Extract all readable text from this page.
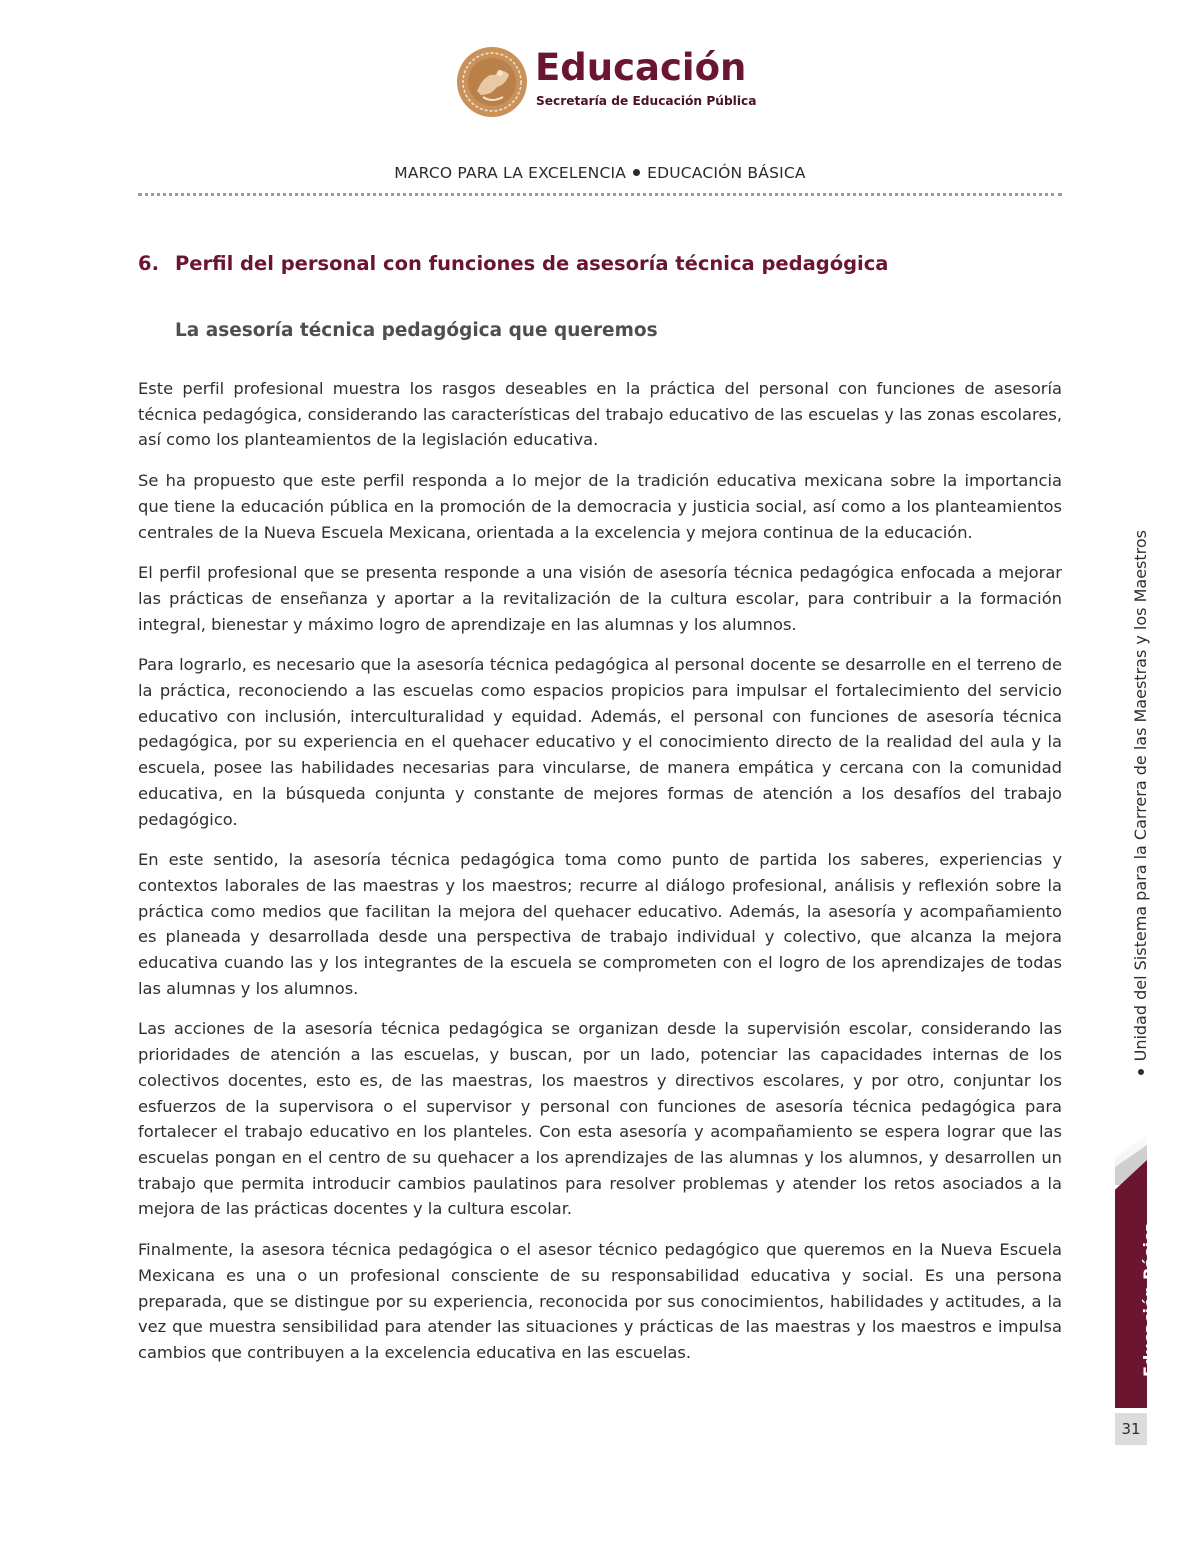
Educación
Secretaría de Educación Pública
MARCO PARA LA EXCELENCIA EDUCACIÓN BÁSICA
6. Perfil del personal con funciones de asesoría técnica pedagógica
La asesoría técnica pedagógica que queremos

Este perfil profesional muestra los rasgos deseables en la práctica del personal con funciones de asesoría técnica pedagógica, considerando las características del trabajo educativo de las escuelas y las zonas escolares, así como los planteamientos de la legislación educativa.

Se ha propuesto que este perfil responda a lo mejor de la tradición educativa mexicana sobre la importancia que tiene la educación pública en la promoción de la democracia y justicia social, así como a los planteamientos centrales de la Nueva Escuela Mexicana, orientada a la excelencia y mejora continua de la educación.

El perfil profesional que se presenta responde a una visión de asesoría técnica pedagógica enfocada a mejorar las prácticas de enseñanza y aportar a la revitalización de la cultura escolar, para contribuir a la formación integral, bienestar y máximo logro de aprendizaje en las alumnas y los alumnos.

Para lograrlo, es necesario que la asesoría técnica pedagógica al personal docente se desarrolle en el terreno de la práctica, reconociendo a las escuelas como espacios propicios para impulsar el fortalecimiento del servicio educativo con inclusión, interculturalidad y equidad. Además, el personal con funciones de asesoría técnica pedagógica, por su experiencia en el quehacer educativo y el conocimiento directo de la realidad del aula y la escuela, posee las habilidades necesarias para vincularse, de manera empática y cercana con la comunidad educativa, en la búsqueda conjunta y constante de mejores formas de atención a los desafíos del trabajo pedagógico.

En este sentido, la asesoría técnica pedagógica toma como punto de partida los saberes, experiencias y contextos laborales de las maestras y los maestros; recurre al diálogo profesional, análisis y reflexión sobre la práctica como medios que facilitan la mejora del quehacer educativo. Además, la asesoría y acompañamiento es planeada y desarrollada desde una perspectiva de trabajo individual y colectivo, que alcanza la mejora educativa cuando las y los integrantes de la escuela se comprometen con el logro de los aprendizajes de todas las alumnas y los alumnos.

Las acciones de la asesoría técnica pedagógica se organizan desde la supervisión escolar, considerando las prioridades de atención a las escuelas, y buscan, por un lado, potenciar las capacidades internas de los colectivos docentes, esto es, de las maestras, los maestros y directivos escolares, y por otro, conjuntar los esfuerzos de la supervisora o el supervisor y personal con funciones de asesoría técnica pedagógica para fortalecer el trabajo educativo en los planteles. Con esta asesoría y acompañamiento se espera lograr que las escuelas pongan en el centro de su quehacer a los aprendizajes de las alumnas y los alumnos, y desarrollen un trabajo que permita introducir cambios paulatinos para resolver problemas y atender los retos asociados a la mejora de las prácticas docentes y la cultura escolar.

Finalmente, la asesora técnica pedagógica o el asesor técnico pedagógico que queremos en la Nueva Escuela Mexicana es una o un profesional consciente de su responsabilidad educativa y social. Es una persona preparada, que se distingue por su experiencia, reconocida por sus conocimientos, habilidades y actitudes, a la vez que muestra sensibilidad para atender las situaciones y prácticas de las maestras y los maestros e impulsa cambios que contribuyen a la excelencia educativa en las escuelas.

Unidad del Sistema para la Carrera de las Maestras y los Maestros
Educación Básica
31
